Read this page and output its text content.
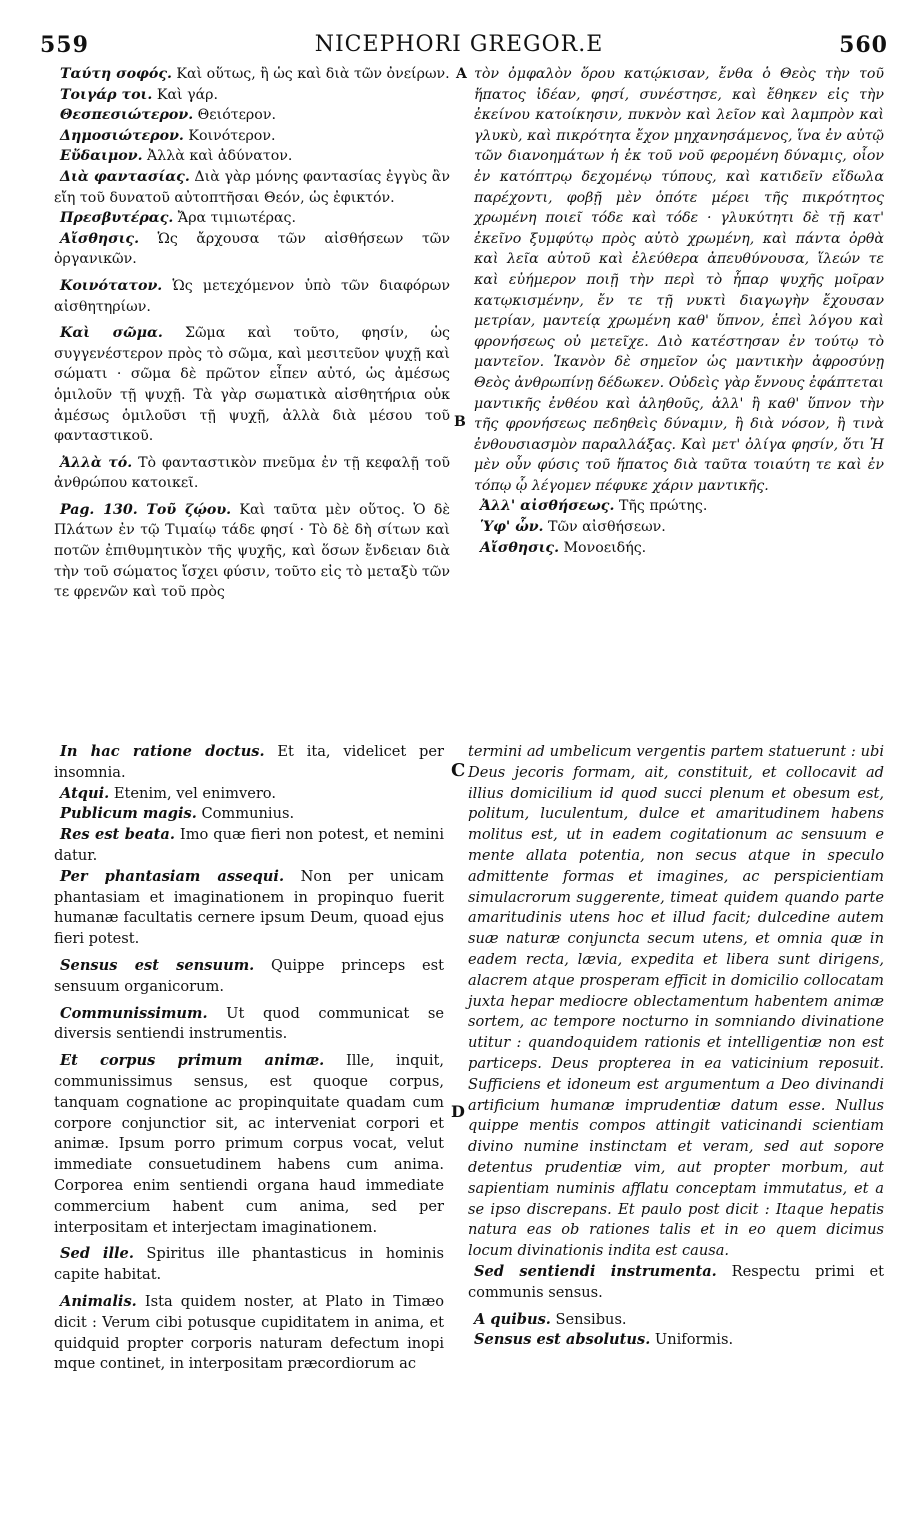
559	NICEPHORI GREGOR.E	560
A
B
C
D

Ταύτη σοφός. Καὶ οὕτως, ἢ ὡς καὶ διὰ τῶν ὀνείρων.

Τοιγάρ τοι. Καὶ γάρ.

Θεσπεσιώτερον. Θειότερον.

Δημοσιώτερον. Κοινότερον.

Εὔδαιμον. Ἀλλὰ καὶ ἀδύνατον.

Διὰ φαντασίας. Διὰ γὰρ μόνης φαντασίας ἐγγὺς ἂν εἴη τοῦ δυνατοῦ αὐτοπτῆσαι Θεόν, ὡς ἐφικτόν.

Πρεσβυτέρας. Ἄρα τιμιωτέρας.

Αἴσθησις. Ὡς ἄρχουσα τῶν αἰσθήσεων τῶν ὀργανικῶν.

Κοινότατον. Ὡς μετεχόμενον ὑπὸ τῶν διαφόρων αἰσθητηρίων.

Καὶ σῶμα. Σῶμα καὶ τοῦτο, φησίν, ὡς συγγενέστερον πρὸς τὸ σῶμα, καὶ μεσιτεῦον ψυχῇ καὶ σώματι · σῶμα δὲ πρῶτον εἶπεν αὐτό, ὡς ἀμέσως ὁμιλοῦν τῇ ψυχῇ. Τὰ γὰρ σωματικὰ αἰσθητήρια οὐκ ἀμέσως ὁμιλοῦσι τῇ ψυχῇ, ἀλλὰ διὰ μέσου τοῦ φανταστικοῦ.

Ἀλλὰ τό. Τὸ φανταστικὸν πνεῦμα ἐν τῇ κεφαλῇ τοῦ ἀνθρώπου κατοικεῖ.

Pag. 130. Τοῦ ζῴου. Καὶ ταῦτα μὲν οὕτος. Ὁ δὲ Πλάτων ἐν τῷ Τιμαίῳ τάδε φησί · Τὸ δὲ δὴ σίτων καὶ ποτῶν ἐπιθυμητικὸν τῆς ψυχῆς, καὶ ὅσων ἔνδειαν διὰ τὴν τοῦ σώματος ἴσχει φύσιν, τοῦτο εἰς τὸ μεταξὺ τῶν τε φρενῶν καὶ τοῦ πρὸς

τὸν ὀμφαλὸν ὅρου κατῴκισαν, ἔνθα ὁ Θεὸς τὴν τοῦ ἥπατος ἰδέαν, φησί, συνέστησε, καὶ ἔθηκεν εἰς τὴν ἐκείνου κατοίκησιν, πυκνὸν καὶ λεῖον καὶ λαμπρὸν καὶ γλυκὺ, καὶ πικρότητα ἔχον μηχανησάμενος, ἵνα ἐν αὐτῷ τῶν διανοημάτων ἡ ἐκ τοῦ νοῦ φερομένη δύναμις, οἷον ἐν κατόπτρῳ δεχομένῳ τύπους, καὶ κατιδεῖν εἴδωλα παρέχοντι, φοβῇ μὲν ὁπότε μέρει τῆς πικρότητος χρωμένη ποιεῖ τόδε καὶ τόδε · γλυκύτητι δὲ τῇ κατ' ἐκεῖνο ξυμφύτῳ πρὸς αὐτὸ χρωμένη, καὶ πάντα ὀρθὰ καὶ λεῖα αὐτοῦ καὶ ἐλεύθερα ἀπευθύνουσα, ἵλεών τε καὶ εὐήμερον ποιῇ τὴν περὶ τὸ ἧπαρ ψυχῆς μοῖραν κατῳκισμένην, ἔν τε τῇ νυκτὶ διαγωγὴν ἔχουσαν μετρίαν, μαντείᾳ χρωμένη καθ' ὕπνον, ἐπεὶ λόγου καὶ φρονήσεως οὐ μετεῖχε. Διὸ κατέστησαν ἐν τούτῳ τὸ μαντεῖον. Ἱκανὸν δὲ σημεῖον ὡς μαντικὴν ἀφροσύνῃ Θεὸς ἀνθρωπίνῃ δέδωκεν. Οὐδεὶς γὰρ ἔννους ἐφάπτεται μαντικῆς ἐνθέου καὶ ἀληθοῦς, ἀλλ' ἢ καθ' ὕπνον τὴν τῆς φρονήσεως πεδηθεὶς δύναμιν, ἢ διὰ νόσον, ἢ τινὰ ἐνθουσιασμὸν παραλλάξας. Καὶ μετ' ὀλίγα φησίν, ὅτι Ἡ μὲν οὖν φύσις τοῦ ἥπατος διὰ ταῦτα τοιαύτη τε καὶ ἐν τόπῳ ᾧ λέγομεν πέφυκε χάριν μαντικῆς.

Ἀλλ' αἰσθήσεως. Τῆς πρώτης.

Ὑφ' ὧν. Τῶν αἰσθήσεων.

Αἴσθησις. Μονοειδής.

In hac ratione doctus. Et ita, videlicet per insomnia.

Atqui. Etenim, vel enimvero.

Publicum magis. Communius.

Res est beata. Imo quæ fieri non potest, et nemini datur.

Per phantasiam assequi. Non per unicam phantasiam et imaginationem in propinquo fuerit humanæ facultatis cernere ipsum Deum, quoad ejus fieri potest.

Sensus est sensuum. Quippe princeps est sensuum organicorum.

Communissimum. Ut quod communicat se diversis sentiendi instrumentis.

Et corpus primum animæ. Ille, inquit, communissimus sensus, est quoque corpus, tanquam cognatione ac propinquitate quadam cum corpore conjunctior sit, ac interveniat corpori et animæ. Ipsum porro primum corpus vocat, velut immediate consuetudinem habens cum anima. Corporea enim sentiendi organa haud immediate commercium habent cum anima, sed per interpositam et interjectam imaginationem.

Sed ille. Spiritus ille phantasticus in hominis capite habitat.

Animalis. Ista quidem noster, at Plato in Timæo dicit : Verum cibi potusque cupiditatem in anima, et quidquid propter corporis naturam defectum inopi mque continet, in interpositam præcordiorum ac

termini ad umbelicum vergentis partem statuerunt : ubi Deus jecoris formam, ait, constituit, et collocavit ad illius domicilium id quod succi plenum et obesum est, politum, luculentum, dulce et amaritudinem habens molitus est, ut in eadem cogitationum ac sensuum e mente allata potentia, non secus atque in speculo admittente formas et imagines, ac perspicientiam simulacrorum suggerente, timeat quidem quando parte amaritudinis utens hoc et illud facit; dulcedine autem suæ naturæ conjuncta secum utens, et omnia quæ in eadem recta, lævia, expedita et libera sunt dirigens, alacrem atque prosperam efficit in domicilio collocatam juxta hepar mediocre oblectamentum habentem animæ sortem, ac tempore nocturno in somniando divinatione utitur : quandoquidem rationis et intelligentiæ non est particeps. Deus propterea in ea vaticinium reposuit. Sufficiens et idoneum est argumentum a Deo divinandi artificium humanæ imprudentiæ datum esse. Nullus quippe mentis compos attingit vaticinandi scientiam divino numine instinctam et veram, sed aut sopore detentus prudentiæ vim, aut propter morbum, aut sapientiam numinis afflatu conceptam immutatus, et a se ipso discrepans. Et paulo post dicit : Itaque hepatis natura eas ob rationes talis et in eo quem dicimus locum divinationis indita est causa.

Sed sentiendi instrumenta. Respectu primi et communis sensus.

A quibus. Sensibus.

Sensus est absolutus. Uniformis.
